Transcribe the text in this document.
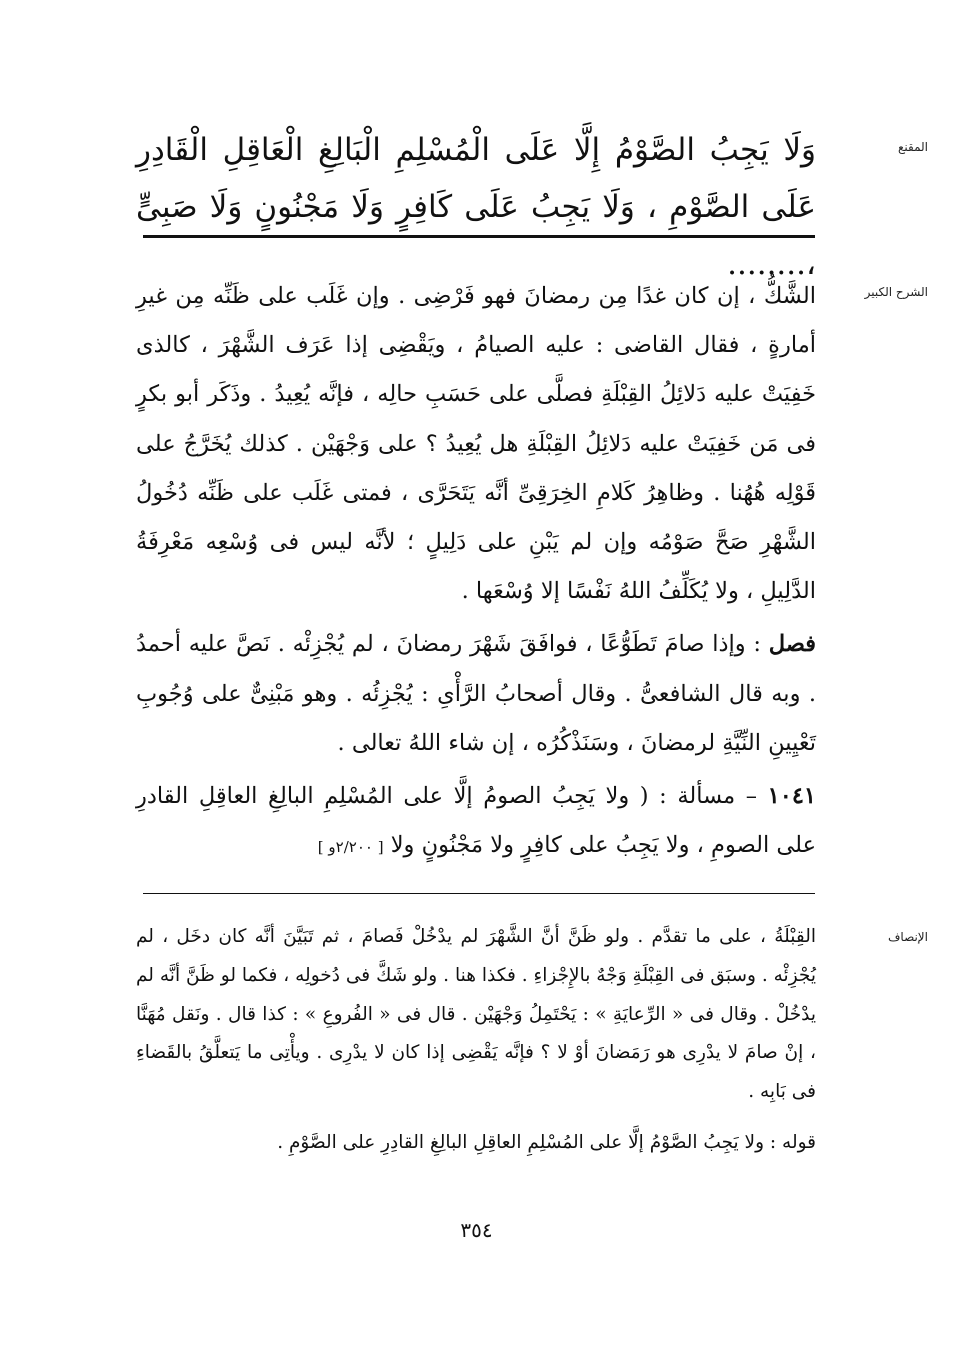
المقنع

وَلَا يَجِبُ الصَّوْمُ إِلَّا عَلَى الْمُسْلِمِ الْبَالِغِ الْعَاقِلِ الْقَادِرِ عَلَى الصَّوْمِ ، وَلَا يَجِبُ عَلَى كَافِرٍ وَلَا مَجْنُونٍ وَلَا صَبِىٍّ ،........

الشرح الكبير

الشَّكُّ ، إن كان غدًا مِن رمضانَ فهو فَرْضِى . وإن غَلَب على ظَنِّه مِن غيرِ أمارةٍ ، فقال القاضى : عليه الصيامُ ، ويَقْضِى إذا عَرَف الشَّهْرَ ، كالذى خَفِيَتْ عليه دَلائِلُ القِبْلَةِ فصلَّى على حَسَبِ حالِه ، فإنَّه يُعِيدُ . وذَكَر أبو بكرٍ فى مَن خَفِيَتْ عليه دَلائِلُ القِبْلَةِ هل يُعِيدُ ؟ على وَجْهَيْن . كذلك يُخَرَّجُ على قَوْلِه هُهُنا . وظاهِرُ كَلامِ الخِرَقِىِّ أنَّه يَتَحَرَّى ، فمتى غَلَب على ظَنِّه دُخُولُ الشَّهْرِ صَحَّ صَوْمُه وإن لم يَبْنِ على دَلِيلٍ ؛ لأنَّه ليس فى وُسْعِه مَعْرِفَةُ الدَّلِيلِ ، ولا يُكَلِّفُ اللهُ نَفْسًا إلا وُسْعَها .

فصل : وإذا صامَ تَطَوُّعًا ، فوافَقَ شَهْرَ رمضانَ ، لم يُجْزِئْه . نَصَّ عليه أحمدُ . وبه قال الشافعىُّ . وقال أصحابُ الرَّأْىِ : يُجْزِئُه . وهو مَبْنِىٌّ على وُجُوبِ تَعْيِينِ النِّيَّةِ لرمضانَ ، وسَنَذْكُرُه ، إن شاء اللهُ تعالى .

١٠٤١ – مسألة : ( ولا يَجِبُ الصومُ إلَّا على المُسْلِمِ البالِغِ العاقِلِ القادرِ على الصومِ ، ولا يَجِبُ على كافِرٍ ولا مَجْنُونٍ ولا [ ٢/٢٠٠و ]

الإنصاف

القِبْلَةُ ، على ما تقدَّم . ولو ظَنَّ أنَّ الشَّهْرَ لم يدْخُلْ فَصامَ ، ثم تَبَيَّنَ أنَّه كان دخَل ، لم يُجْزِئْه . وسبَق فى القِبْلَةِ وَجْهٌ بالإِجْزاءِ . فكذا هنا . ولو شَكَّ فى دُخولِه ، فكما لو ظَنَّ أنَّه لم يدْخُلْ . وقال فى « الرِّعايَةِ » : يَحْتَمِلُ وَجْهَيْن . قال فى « الفُروعِ » : كذا قال . ونَقل مُهَنَّا ، إنْ صامَ لا يدْرِى هو رَمَضانَ أوْ لا ؟ فإنَّه يَقْضِى إذا كان لا يدْرِى . ويأْتِى ما يَتعلَّقُ بالقَضاءِ فى بَابِه .

قوله : ولا يَجِبُ الصَّوْمُ إلَّا على المُسْلِمِ العاقِلِ البالِغِ القادِرِ على الصَّوْمِ .

٣٥٤
